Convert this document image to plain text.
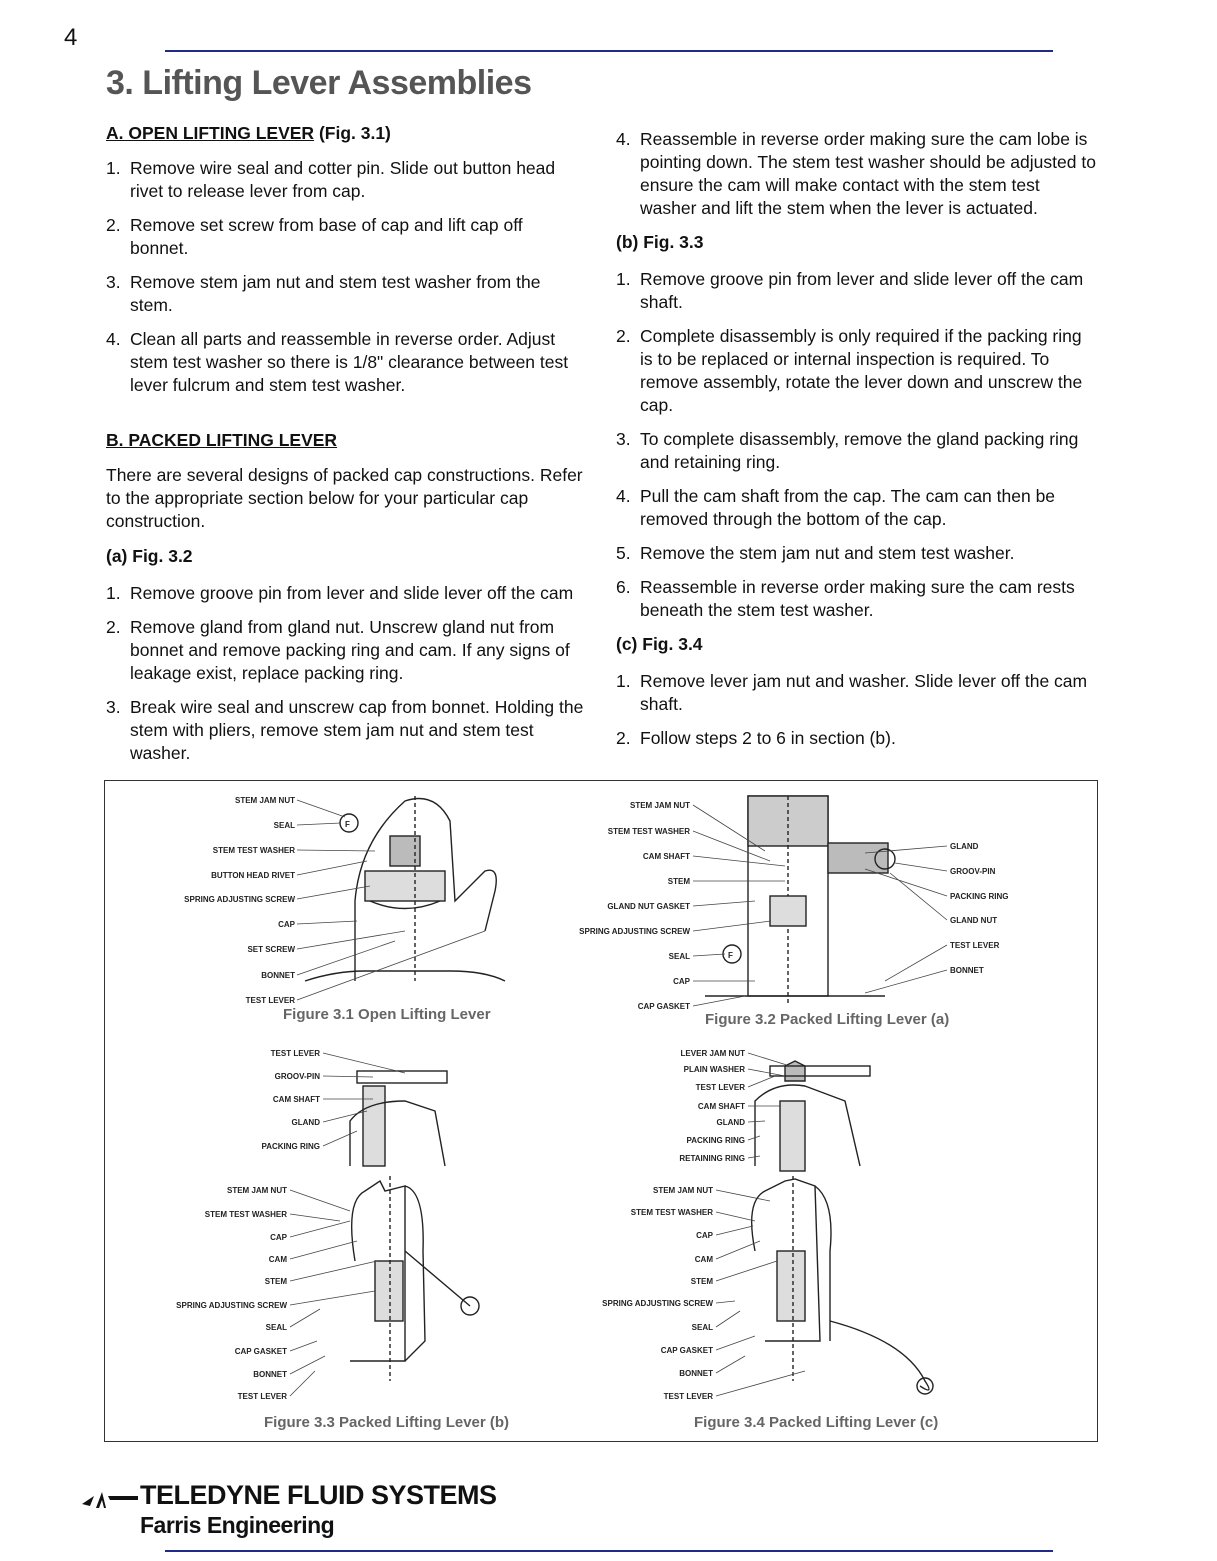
4
3. Lifting Lever Assemblies
A. OPEN LIFTING LEVER (Fig. 3.1)
1. Remove wire seal and cotter pin. Slide out button head rivet to release lever from cap.
2. Remove set screw from base of cap and lift cap off bonnet.
3. Remove stem jam nut and stem test washer from the stem.
4. Clean all parts and reassemble in reverse order. Adjust stem test washer so there is 1/8" clearance between test lever fulcrum and stem test washer.
B. PACKED LIFTING LEVER

There are several designs of packed cap constructions. Refer to the appropriate section below for your particular cap construction.

(a) Fig. 3.2
1. Remove groove pin from lever and slide lever off the cam
2. Remove gland from gland nut. Unscrew gland nut from bonnet and remove packing ring and cam. If any signs of leakage exist, replace packing ring.
3. Break wire seal and unscrew cap from bonnet. Holding the stem with pliers, remove stem jam nut and stem test washer.
4. Reassemble in reverse order making sure the cam lobe is pointing down. The stem test washer should be adjusted to ensure the cam will make contact with the stem test washer and lift the stem when the lever is actuated.
(b) Fig. 3.3
1. Remove groove pin from lever and slide lever off the cam shaft.
2. Complete disassembly is only required if the packing ring is to be replaced or internal inspection is required. To remove assembly, rotate the lever down and unscrew the cap.
3. To complete disassembly, remove the gland packing ring and retaining ring.
4. Pull the cam shaft from the cap. The cam can then be removed through the bottom of the cap.
5. Remove the stem jam nut and stem test washer.
6. Reassemble in reverse order making sure the cam rests beneath the stem test washer.
(c) Fig. 3.4
1. Remove lever jam nut and washer. Slide lever off the cam shaft.
2. Follow steps 2 to 6 in section (b).
F
STEM JAM NUT
SEAL
STEM TEST WASHER
BUTTON HEAD RIVET
SPRING ADJUSTING SCREW
CAP
SET SCREW
BONNET
TEST LEVER
F
STEM JAM NUT
STEM TEST WASHER
CAM SHAFT
STEM
GLAND NUT GASKET
SPRING ADJUSTING SCREW
SEAL
CAP
CAP GASKET
GLAND
GROOV-PIN
PACKING RING
GLAND NUT
TEST LEVER
BONNET
Figure 3.1 Open Lifting Lever	Figure 3.2 Packed Lifting Lever (a)
TEST LEVER
GROOV-PIN
CAM SHAFT
GLAND
PACKING RING
STEM JAM NUT
STEM TEST WASHER
CAP
CAM
STEM
SPRING ADJUSTING SCREW
SEAL
CAP GASKET
BONNET
TEST LEVER
LEVER JAM NUT
PLAIN WASHER
TEST LEVER
CAM SHAFT
GLAND
PACKING RING
RETAINING RING
STEM JAM NUT
STEM TEST WASHER
CAP
CAM
STEM
SPRING ADJUSTING SCREW
SEAL
CAP GASKET
BONNET
TEST LEVER
Figure 3.3 Packed Lifting Lever (b)	Figure 3.4 Packed Lifting Lever (c)
TELEDYNE FLUID SYSTEMS
Farris Engineering
